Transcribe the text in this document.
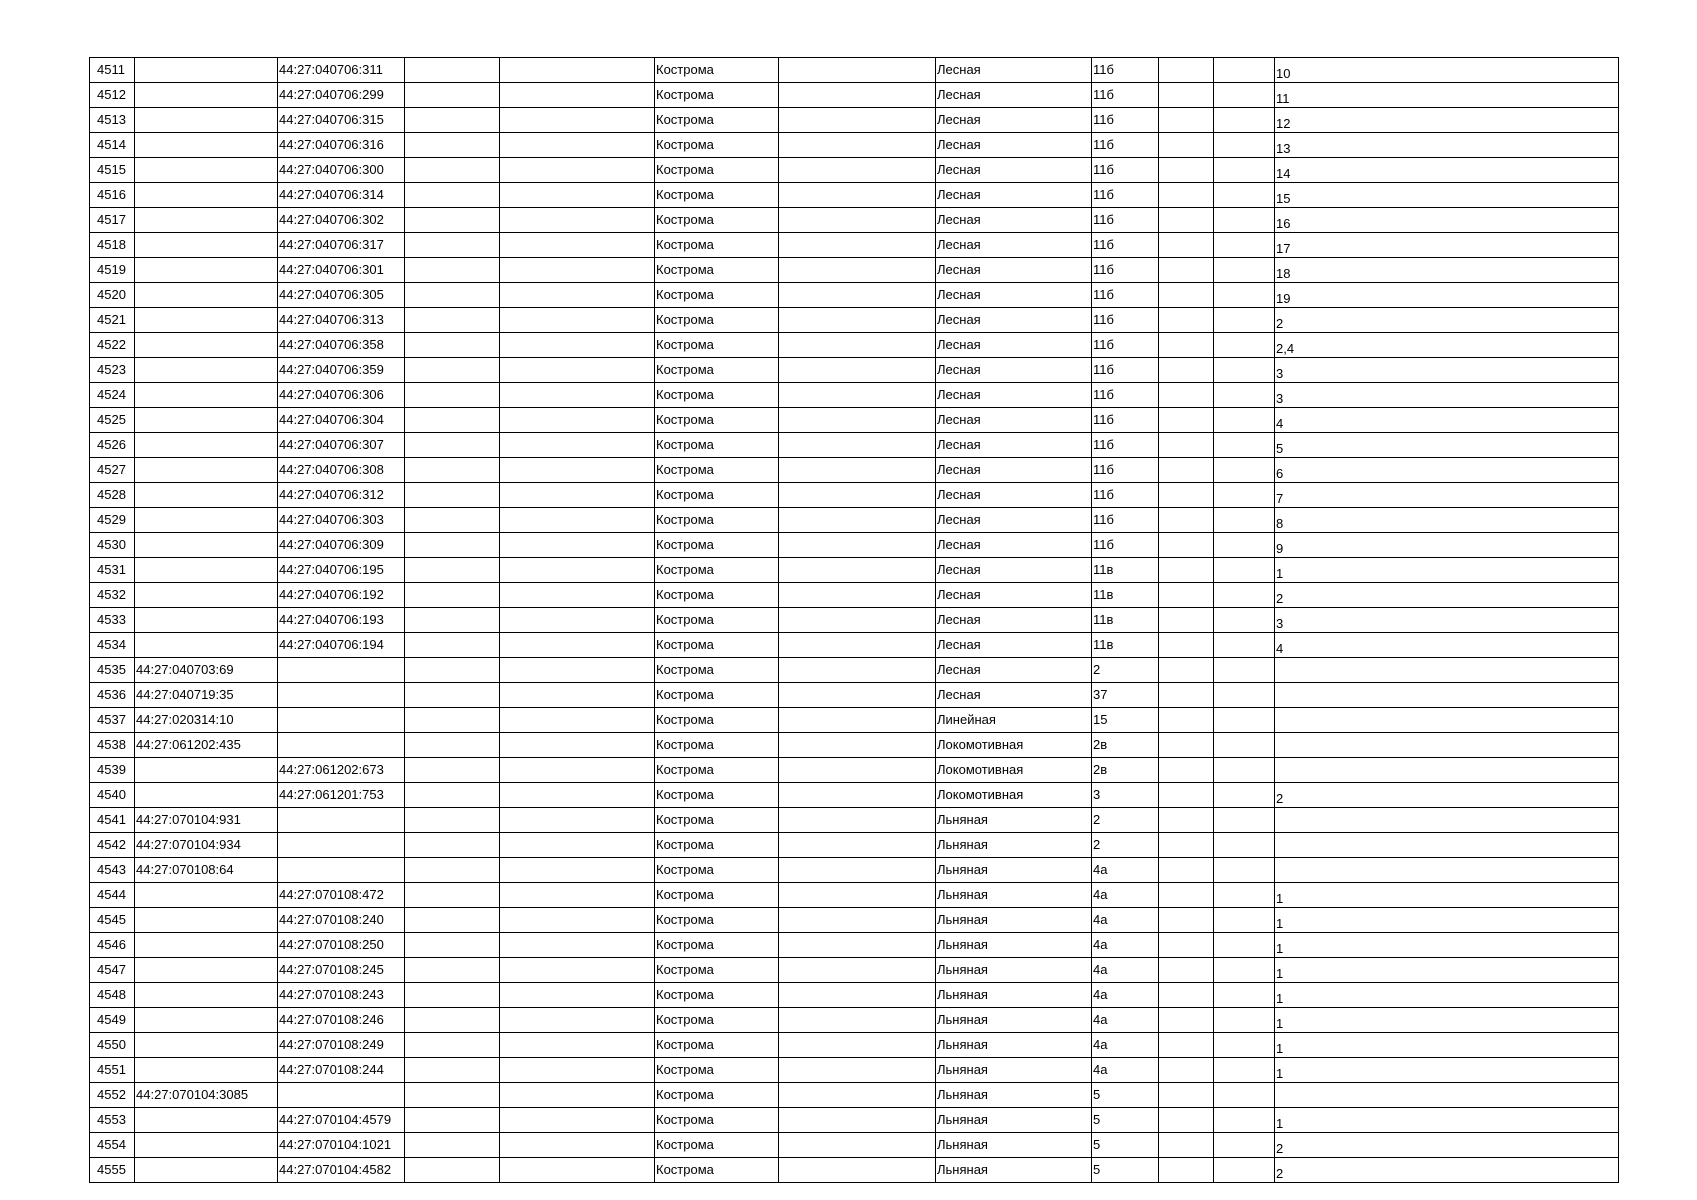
4511		44:27:040706:311			Кострома		Лесная	11б			10
4512		44:27:040706:299			Кострома		Лесная	11б			11
4513		44:27:040706:315			Кострома		Лесная	11б			12
4514		44:27:040706:316			Кострома		Лесная	11б			13
4515		44:27:040706:300			Кострома		Лесная	11б			14
4516		44:27:040706:314			Кострома		Лесная	11б			15
4517		44:27:040706:302			Кострома		Лесная	11б			16
4518		44:27:040706:317			Кострома		Лесная	11б			17
4519		44:27:040706:301			Кострома		Лесная	11б			18
4520		44:27:040706:305			Кострома		Лесная	11б			19
4521		44:27:040706:313			Кострома		Лесная	11б			2
4522		44:27:040706:358			Кострома		Лесная	11б			2,4
4523		44:27:040706:359			Кострома		Лесная	11б			3
4524		44:27:040706:306			Кострома		Лесная	11б			3
4525		44:27:040706:304			Кострома		Лесная	11б			4
4526		44:27:040706:307			Кострома		Лесная	11б			5
4527		44:27:040706:308			Кострома		Лесная	11б			6
4528		44:27:040706:312			Кострома		Лесная	11б			7
4529		44:27:040706:303			Кострома		Лесная	11б			8
4530		44:27:040706:309			Кострома		Лесная	11б			9
4531		44:27:040706:195			Кострома		Лесная	11в			1
4532		44:27:040706:192			Кострома		Лесная	11в			2
4533		44:27:040706:193			Кострома		Лесная	11в			3
4534		44:27:040706:194			Кострома		Лесная	11в			4
4535	44:27:040703:69				Кострома		Лесная	2			
4536	44:27:040719:35				Кострома		Лесная	37			
4537	44:27:020314:10				Кострома		Линейная	15			
4538	44:27:061202:435				Кострома		Локомотивная	2в			
4539		44:27:061202:673			Кострома		Локомотивная	2в			
4540		44:27:061201:753			Кострома		Локомотивная	3			2
4541	44:27:070104:931				Кострома		Льняная	2			
4542	44:27:070104:934				Кострома		Льняная	2			
4543	44:27:070108:64				Кострома		Льняная	4а			
4544		44:27:070108:472			Кострома		Льняная	4а			1
4545		44:27:070108:240			Кострома		Льняная	4а			1
4546		44:27:070108:250			Кострома		Льняная	4а			1
4547		44:27:070108:245			Кострома		Льняная	4а			1
4548		44:27:070108:243			Кострома		Льняная	4а			1
4549		44:27:070108:246			Кострома		Льняная	4а			1
4550		44:27:070108:249			Кострома		Льняная	4а			1
4551		44:27:070108:244			Кострома		Льняная	4а			1
4552	44:27:070104:3085				Кострома		Льняная	5			
4553		44:27:070104:4579			Кострома		Льняная	5			1
4554		44:27:070104:1021			Кострома		Льняная	5			2
4555		44:27:070104:4582			Кострома		Льняная	5			2
